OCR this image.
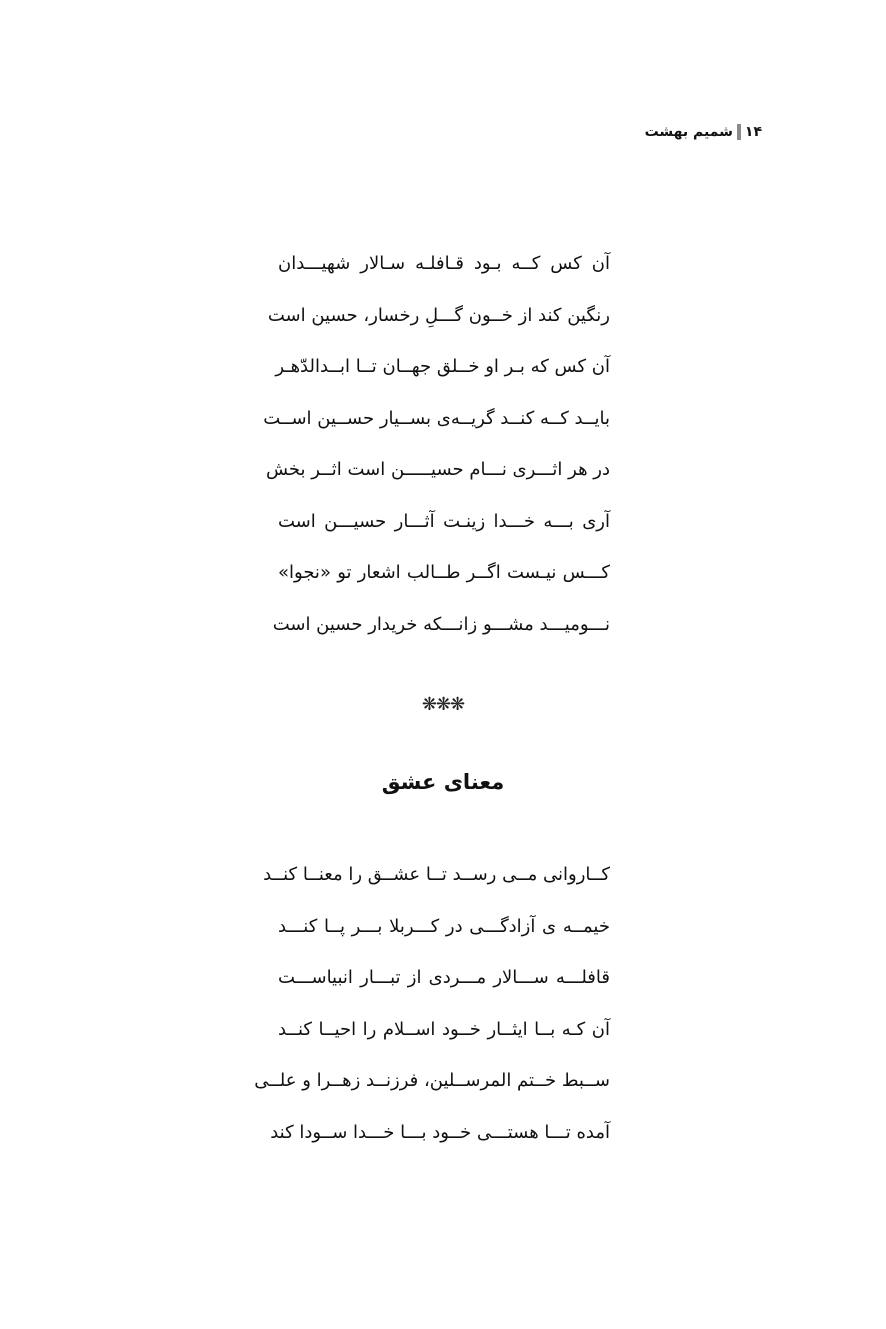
۱۴
شمیم بهشت
آن کس کــه بـود قـافلـه سـالار شهیـــدان
رنگین کند از خــون گـــلِ رخسار، حسین است
آن کس که بـر او خــلق جهــان تــا ابــدالدّهـر
بایــد کــه کنــد گریــه‌ی بســیار حســین اســت
در هر اثـــری نـــام حسیـــــن است اثــر بخش
آری بـــه خـــدا زینـت آثـــار حسیـــن است
کـــس نیـست اگــر طــالب اشعار تو «نجوا»
نـــومیـــد مشـــو زانـــکه خریدار حسین است
❋❋❋
معنای عشق
کــاروانی مــی رســد تــا عشــق را معنــا کنــد
خیمــه ی آزادگـــی در کـــربلا بـــر پــا کنـــد
قافلـــه ســـالار مـــردی از تبـــار انبیاســـت
آن کـه بــا ایثــار خــود اســلام را احیــا کنــد
ســبط خــتم المرســلین، فرزنــد زهــرا و علــی
آمده تـــا هستـــی خــود بـــا خـــدا ســودا کند
